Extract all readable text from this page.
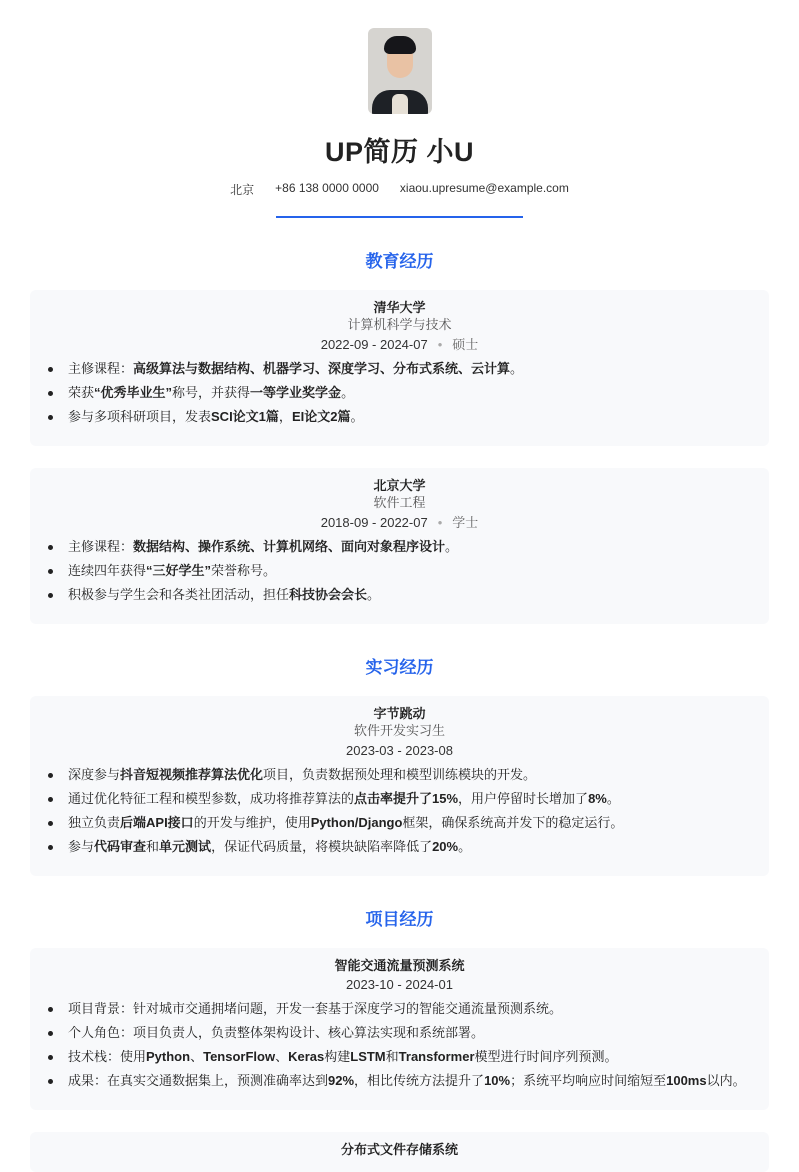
UP简历 小U
北京 +86 138 0000 0000 xiaou.upresume@example.com
教育经历
清华大学
计算机科学与技术
2022-09 - 2024-07 • 硕士
主修课程：高级算法与数据结构、机器学习、深度学习、分布式系统、云计算。
荣获“优秀毕业生”称号，并获得一等学业奖学金。
参与多项科研项目，发表SCI论文1篇，EI论文2篇。
北京大学
软件工程
2018-09 - 2022-07 • 学士
主修课程：数据结构、操作系统、计算机网络、面向对象程序设计。
连续四年获得“三好学生”荣誉称号。
积极参与学生会和各类社团活动，担任科技协会会长。
实习经历
字节跳动
软件开发实习生
2023-03 - 2023-08
深度参与抖音短视频推荐算法优化项目，负责数据预处理和模型训练模块的开发。
通过优化特征工程和模型参数，成功将推荐算法的点击率提升了15%，用户停留时长增加了8%。
独立负责后端API接口的开发与维护，使用Python/Django框架，确保系统高并发下的稳定运行。
参与代码审查和单元测试，保证代码质量，将模块缺陷率降低了20%。
项目经历
智能交通流量预测系统
2023-10 - 2024-01
项目背景：针对城市交通拥堵问题，开发一套基于深度学习的智能交通流量预测系统。
个人角色：项目负责人，负责整体架构设计、核心算法实现和系统部署。
技术栈：使用Python、TensorFlow、Keras构建LSTM和Transformer模型进行时间序列预测。
成果：在真实交通数据集上，预测准确率达到92%，相比传统方法提升了10%；系统平均响应时间缩短至100ms以内。
分布式文件存储系统
